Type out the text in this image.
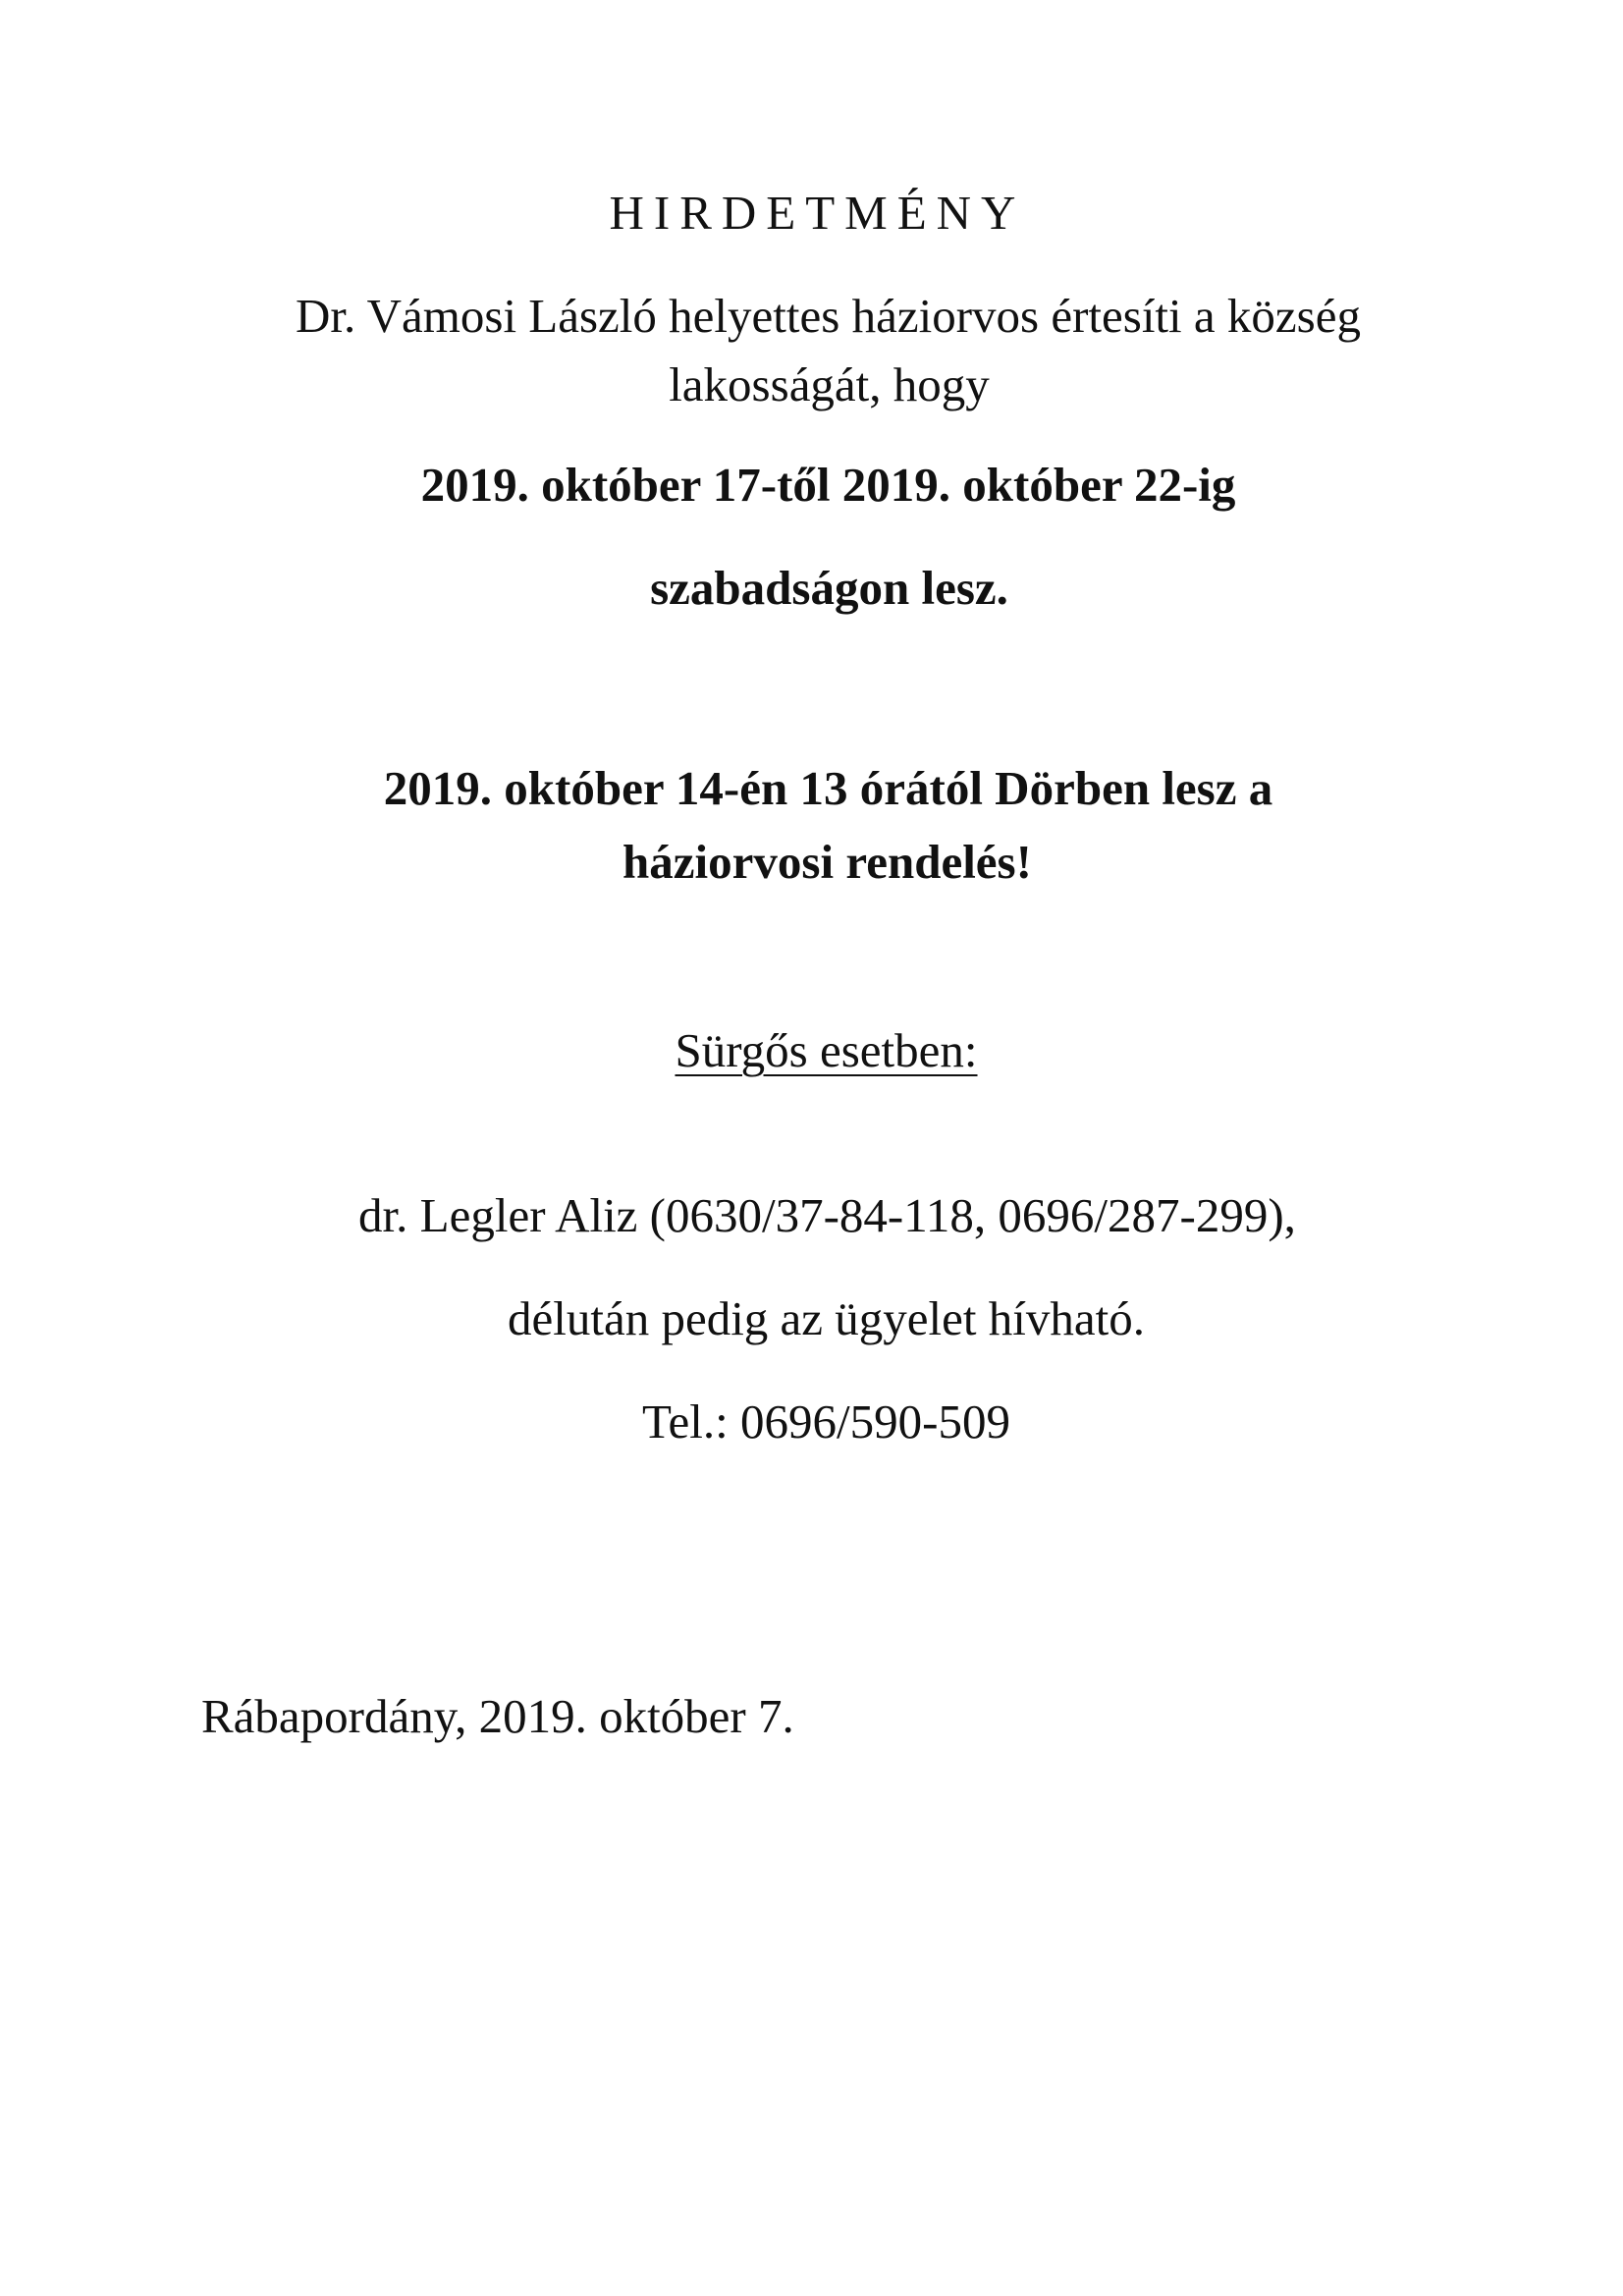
HIRDETMÉNY
Dr. Vámosi László helyettes háziorvos értesíti a község
lakosságát, hogy
2019. október 17-től 2019. október 22-ig
szabadságon lesz.
2019. október 14-én 13 órától Dörben lesz a
háziorvosi rendelés!
Sürgős esetben:
dr. Legler Aliz (0630/37-84-118, 0696/287-299),
délután pedig az ügyelet hívható.
Tel.: 0696/590-509
Rábapordány, 2019. október 7.
